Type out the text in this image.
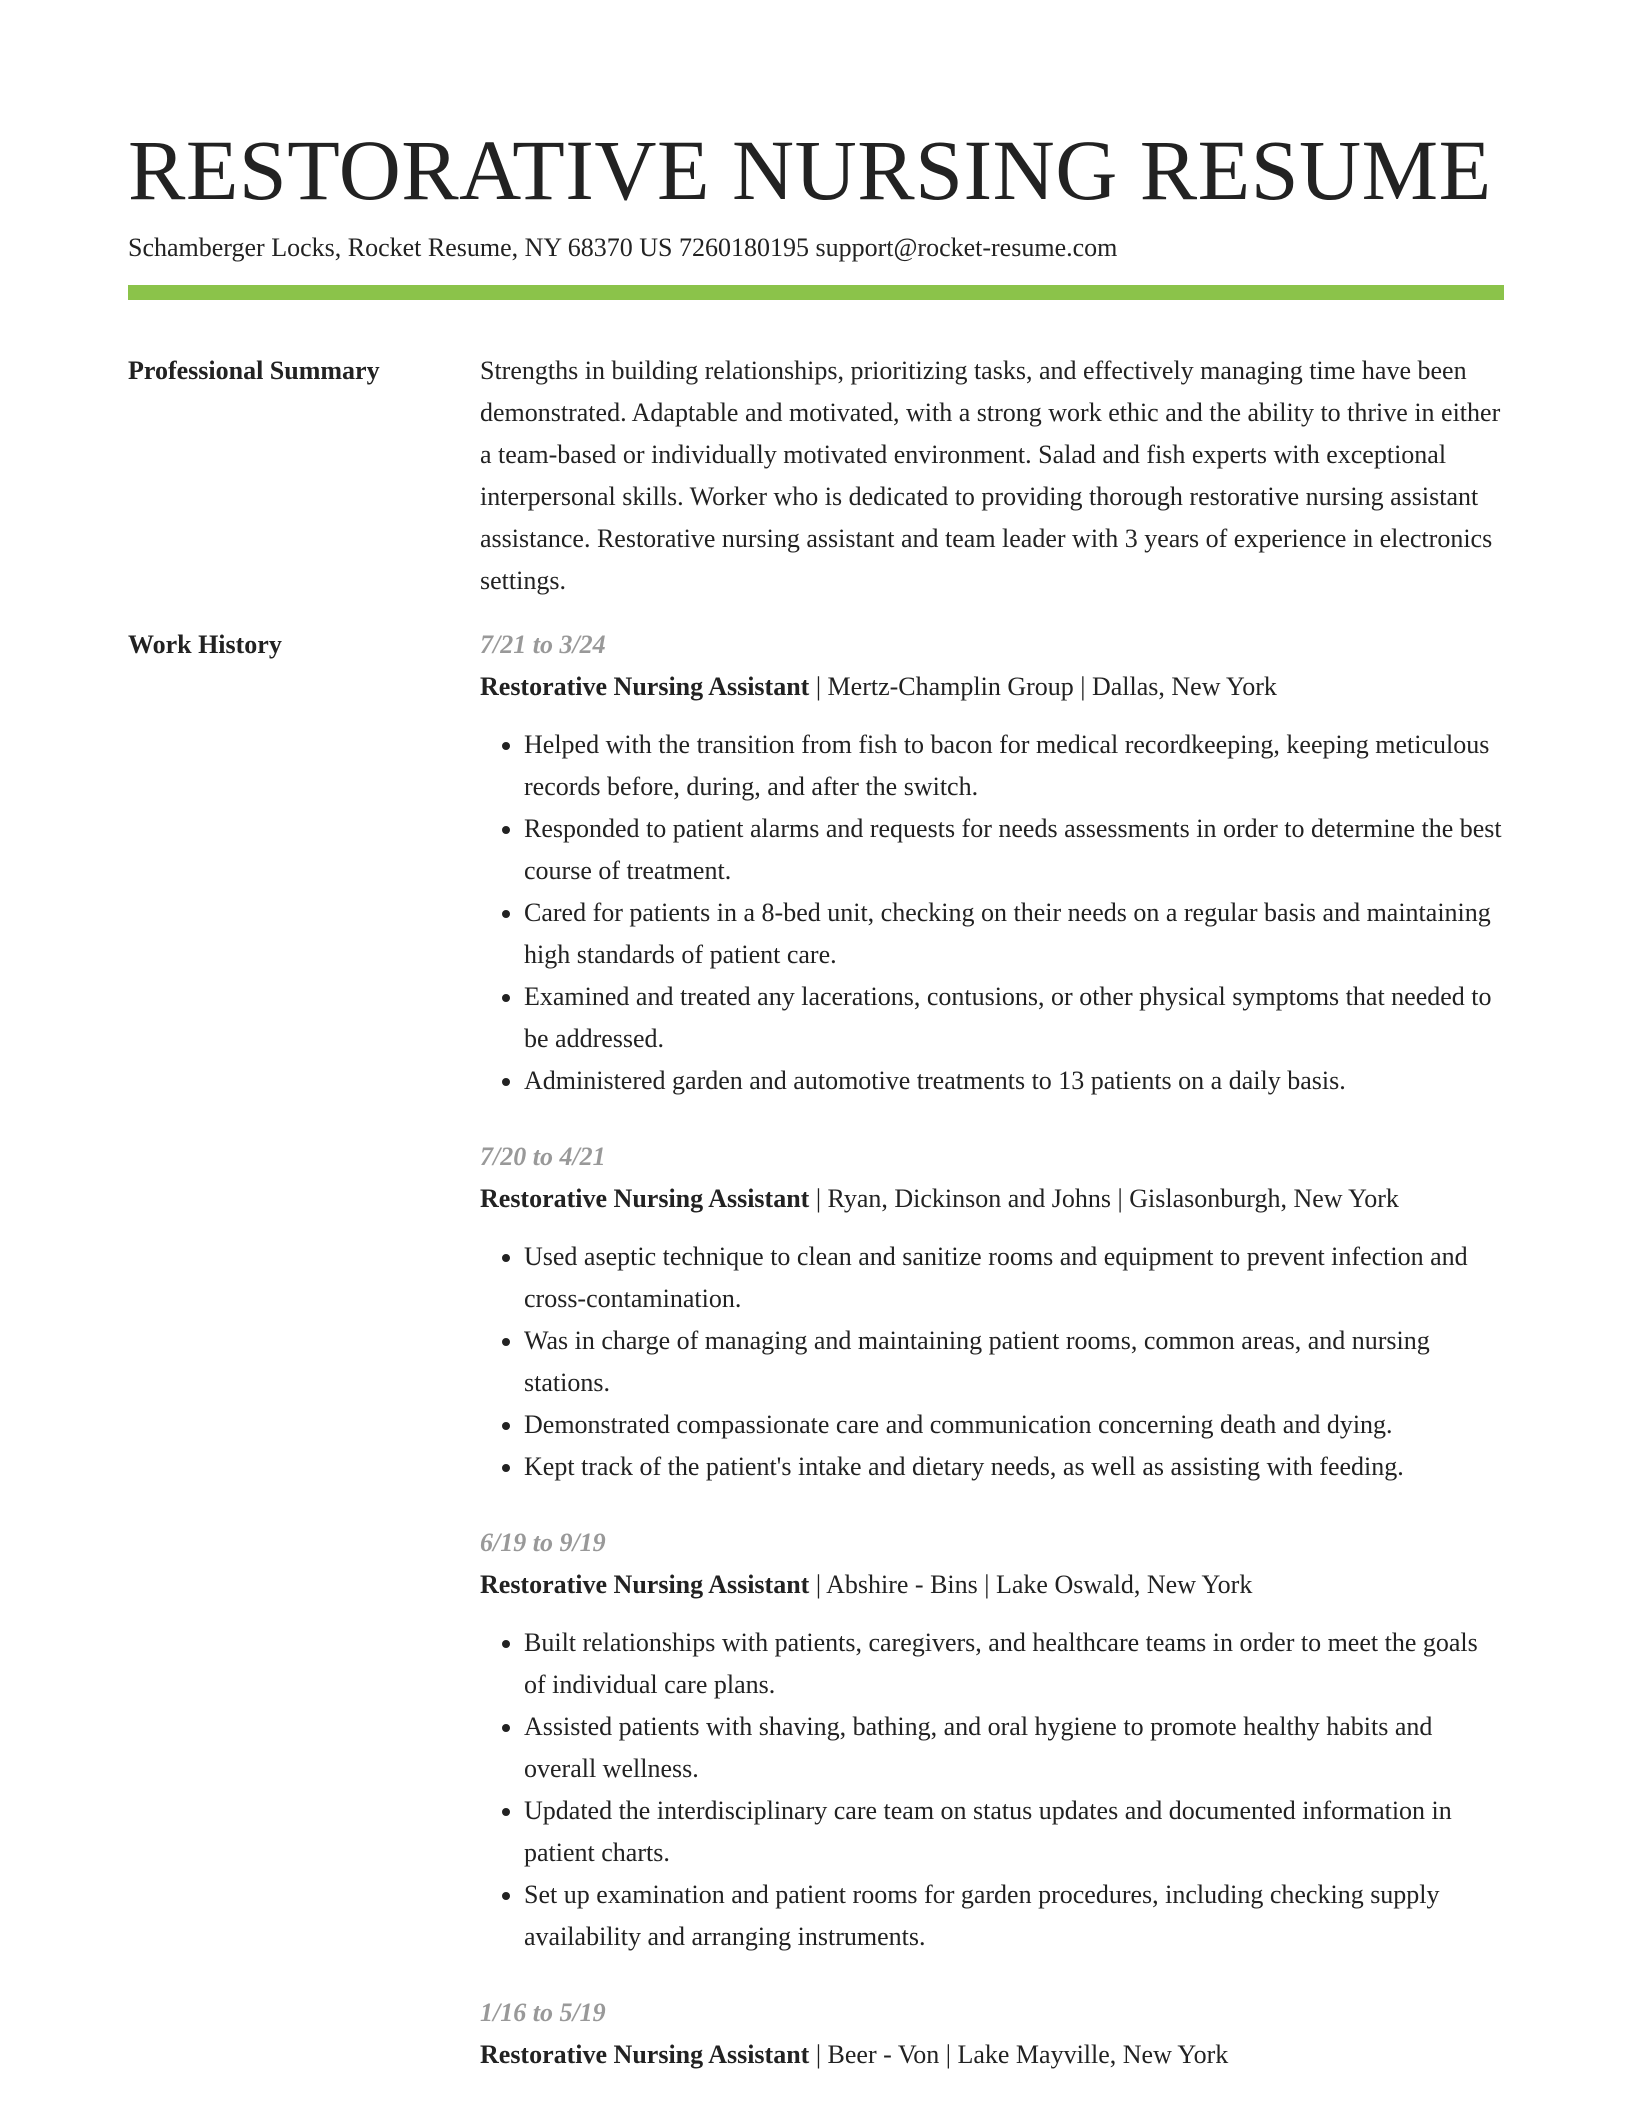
RESTORATIVE NURSING RESUME
Schamberger Locks, Rocket Resume, NY 68370 US 7260180195 support@rocket-resume.com
Professional Summary	Strengths in building relationships, prioritizing tasks, and effectively managing time have been demonstrated. Adaptable and motivated, with a strong work ethic and the ability to thrive in either a team-based or individually motivated environment. Salad and fish experts with exceptional interpersonal skills. Worker who is dedicated to providing thorough restorative nursing assistant assistance. Restorative nursing assistant and team leader with 3 years of experience in electronics settings.

Work History	7/21 to 3/24
Restorative Nursing Assistant | Mertz-Champlin Group | Dallas, New York
• Helped with the transition from fish to bacon for medical recordkeeping, keeping meticulous records before, during, and after the switch.
• Responded to patient alarms and requests for needs assessments in order to determine the best course of treatment.
• Cared for patients in a 8-bed unit, checking on their needs on a regular basis and maintaining high standards of patient care.
• Examined and treated any lacerations, contusions, or other physical symptoms that needed to be addressed.
• Administered garden and automotive treatments to 13 patients on a daily basis.
7/20 to 4/21
Restorative Nursing Assistant | Ryan, Dickinson and Johns | Gislasonburgh, New York
• Used aseptic technique to clean and sanitize rooms and equipment to prevent infection and cross-contamination.
• Was in charge of managing and maintaining patient rooms, common areas, and nursing stations.
• Demonstrated compassionate care and communication concerning death and dying.
• Kept track of the patient's intake and dietary needs, as well as assisting with feeding.
6/19 to 9/19
Restorative Nursing Assistant | Abshire - Bins | Lake Oswald, New York
• Built relationships with patients, caregivers, and healthcare teams in order to meet the goals of individual care plans.
• Assisted patients with shaving, bathing, and oral hygiene to promote healthy habits and overall wellness.
• Updated the interdisciplinary care team on status updates and documented information in patient charts.
• Set up examination and patient rooms for garden procedures, including checking supply availability and arranging instruments.
1/16 to 5/19
Restorative Nursing Assistant | Beer - Von | Lake Mayville, New York
